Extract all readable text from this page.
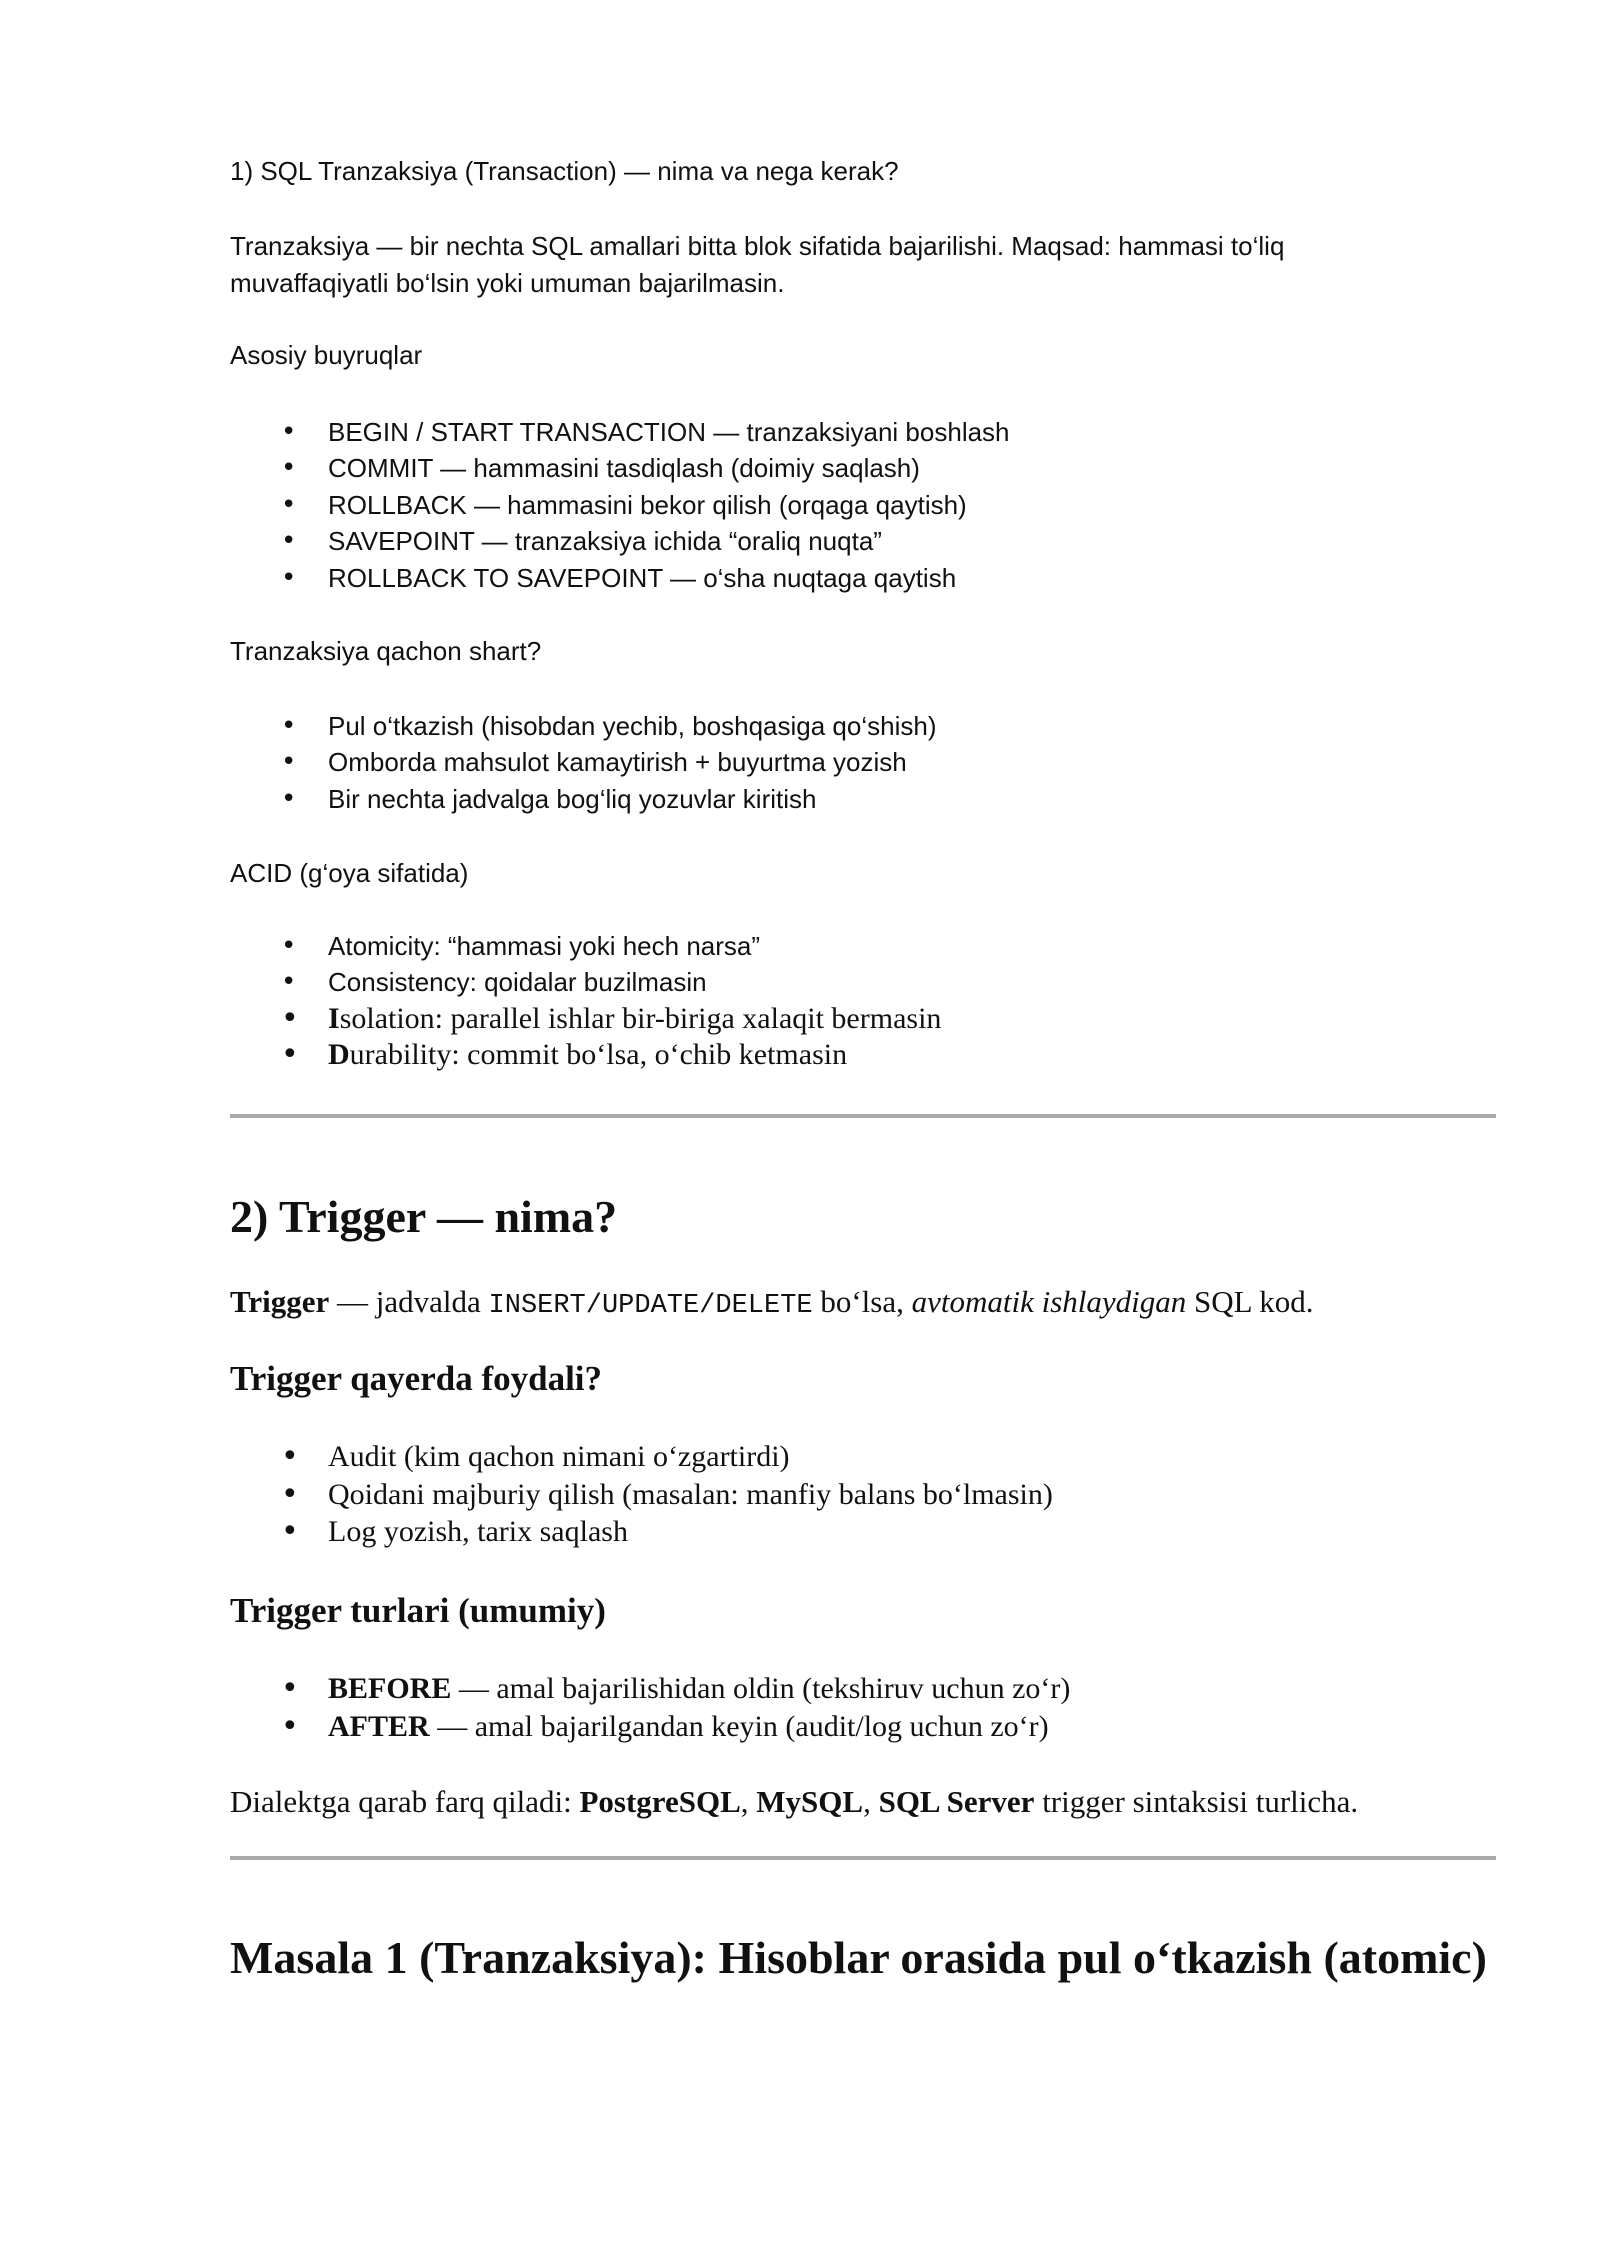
1) SQL Tranzaksiya (Transaction) — nima va nega kerak?

Tranzaksiya — bir nechta SQL amallari bitta blok sifatida bajarilishi. Maqsad: hammasi to‘liq muvaffaqiyatli bo‘lsin yoki umuman bajarilmasin.

Asosiy buyruqlar

• BEGIN / START TRANSACTION — tranzaksiyani boshlash
• COMMIT — hammasini tasdiqlash (doimiy saqlash)
• ROLLBACK — hammasini bekor qilish (orqaga qaytish)
• SAVEPOINT — tranzaksiya ichida “oraliq nuqta”
• ROLLBACK TO SAVEPOINT — o‘sha nuqtaga qaytish

Tranzaksiya qachon shart?

• Pul o‘tkazish (hisobdan yechib, boshqasiga qo‘shish)
• Omborda mahsulot kamaytirish + buyurtma yozish
• Bir nechta jadvalga bog‘liq yozuvlar kiritish

ACID (g‘oya sifatida)

• Atomicity: “hammasi yoki hech narsa”
• Consistency: qoidalar buzilmasin
• Isolation: parallel ishlar bir-biriga xalaqit bermasin
• Durability: commit bo‘lsa, o‘chib ketmasin
2) Trigger — nima?

Trigger — jadvalda INSERT/UPDATE/DELETE bo‘lsa, avtomatik ishlaydigan SQL kod.

Trigger qayerda foydali?
• Audit (kim qachon nimani o‘zgartirdi)
• Qoidani majburiy qilish (masalan: manfiy balans bo‘lmasin)
• Log yozish, tarix saqlash
Trigger turlari (umumiy)
• BEFORE — amal bajarilishidan oldin (tekshiruv uchun zo‘r)
• AFTER — amal bajarilgandan keyin (audit/log uchun zo‘r)

Dialektga qarab farq qiladi: PostgreSQL, MySQL, SQL Server trigger sintaksisi turlicha.

Masala 1 (Tranzaksiya): Hisoblar orasida pul o‘tkazish (atomic)
